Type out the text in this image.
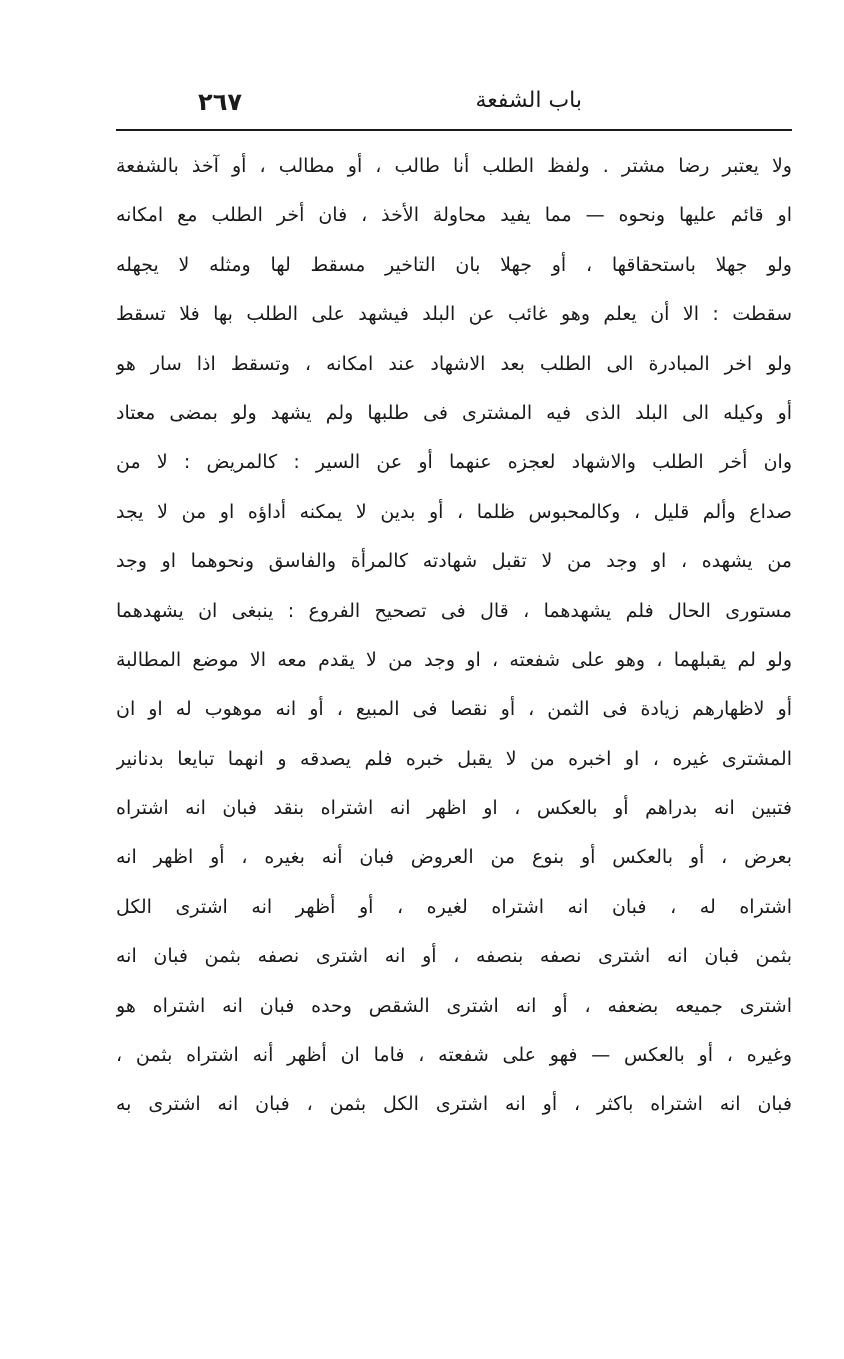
باب الشفعة
٢٦٧
ولا يعتبر رضا مشتر . ولفظ الطلب أنا طالب ، أو مطالب ، أو آخذ بالشفعة
او قائم عليها ونحوه — مما يفيد محاولة الأخذ ، فان أخر الطلب مع امكانه
ولو جهلا باستحقاقها ، أو جهلا بان التاخير مسقط لها ومثله لا يجهله
سقطت : الا أن يعلم وهو غائب عن البلد فيشهد على الطلب بها فلا تسقط
ولو اخر المبادرة الى الطلب بعد الاشهاد عند امكانه ، وتسقط اذا سار هو
أو وكيله الى البلد الذى فيه المشترى فى طلبها ولم يشهد ولو بمضى معتاد
وان أخر الطلب والاشهاد لعجزه عنهما أو عن السير : كالمريض : لا من
صداع وألم قليل ، وكالمحبوس ظلما ، أو بدين لا يمكنه أداؤه او من لا يجد
من يشهده ، او وجد من لا تقبل شهادته كالمرأة والفاسق ونحوهما او وجد
مستورى الحال فلم يشهدهما ، قال فى تصحيح الفروع : ينبغى ان يشهدهما
ولو لم يقبلهما ، وهو على شفعته ، او وجد من لا يقدم معه الا موضع المطالبة
أو لاظهارهم زيادة فى الثمن ، أو نقصا فى المبيع ، أو انه موهوب له او ان
المشترى غيره ، او اخبره من لا يقبل خبره فلم يصدقه و انهما تبايعا بدنانير
فتبين انه بدراهم أو بالعكس ، او اظهر انه اشتراه بنقد فبان انه اشتراه
بعرض ، أو بالعكس أو بنوع من العروض فبان أنه بغيره ، أو اظهر انه
اشتراه له ، فبان انه اشتراه لغيره ، أو أظهر انه اشترى الكل
بثمن فبان انه اشترى نصفه بنصفه ، أو انه اشترى نصفه بثمن فبان انه
اشترى جميعه بضعفه ، أو انه اشترى الشقص وحده فبان انه اشتراه هو
وغيره ، أو بالعكس — فهو على شفعته ، فاما ان أظهر أنه اشتراه بثمن ،
فبان انه اشتراه باكثر ، أو انه اشترى الكل بثمن ، فبان انه اشترى به
